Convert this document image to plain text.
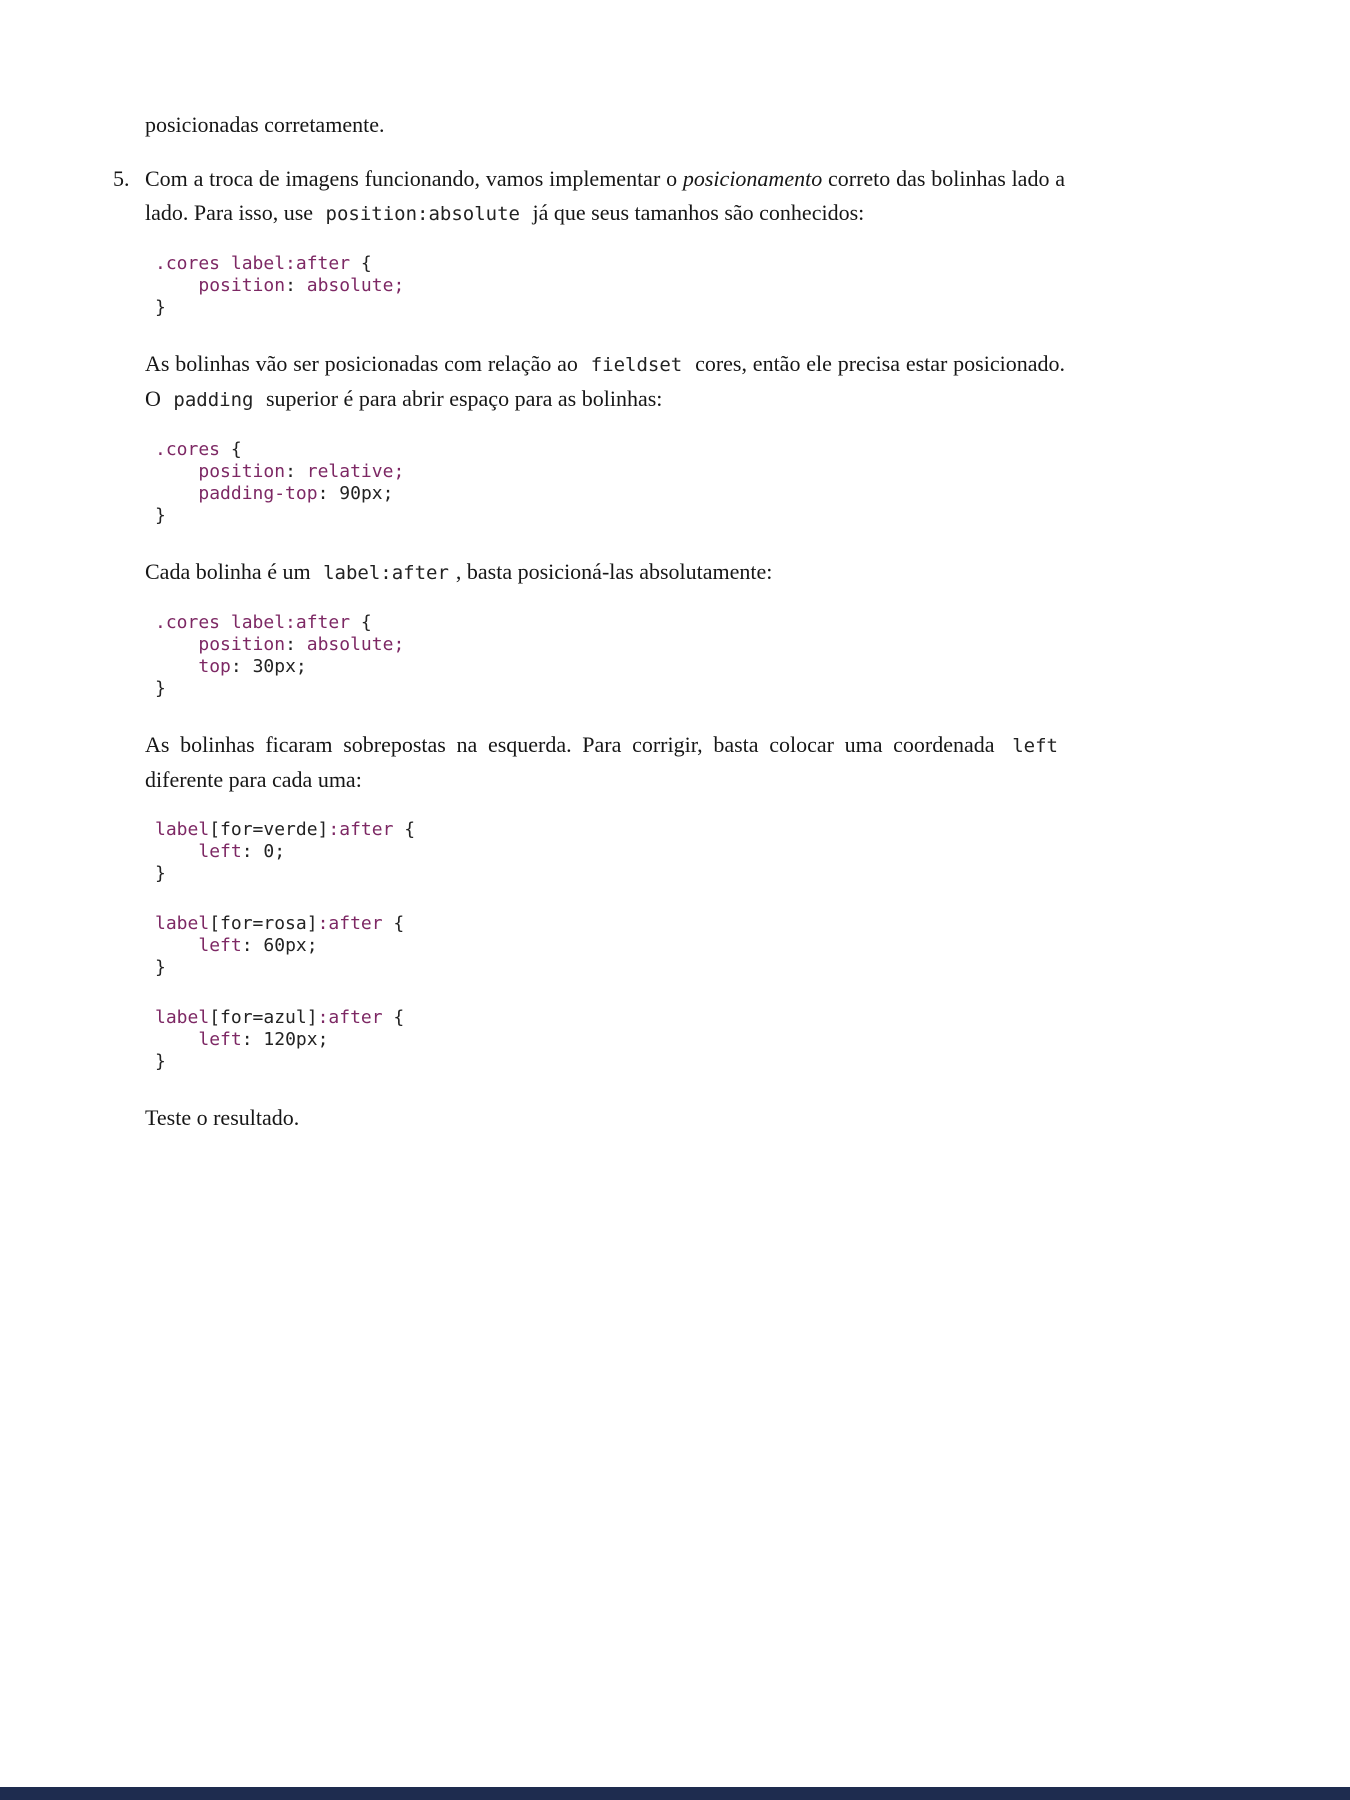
posicionadas corretamente.

5. Com a troca de imagens funcionando, vamos implementar o posicionamento correto das bolinhas lado a lado. Para isso, use position:absolute já que seus tamanhos são conhecidos:

.cores label:after {
position: absolute;
}

As bolinhas vão ser posicionadas com relação ao fieldset cores, então ele precisa estar posicionado. O padding superior é para abrir espaço para as bolinhas:

.cores {
position: relative;
padding-top: 90px;
}

Cada bolinha é um label:after , basta posicioná-las absolutamente:

.cores label:after {
position: absolute;
top: 30px;
}

As bolinhas ficaram sobrepostas na esquerda. Para corrigir, basta colocar uma coordenada left diferente para cada uma:

label[for=verde]:after {
left: 0;
}
label[for=rosa]:after {
left: 60px;
}
label[for=azul]:after {
left: 120px;
}

Teste o resultado.
